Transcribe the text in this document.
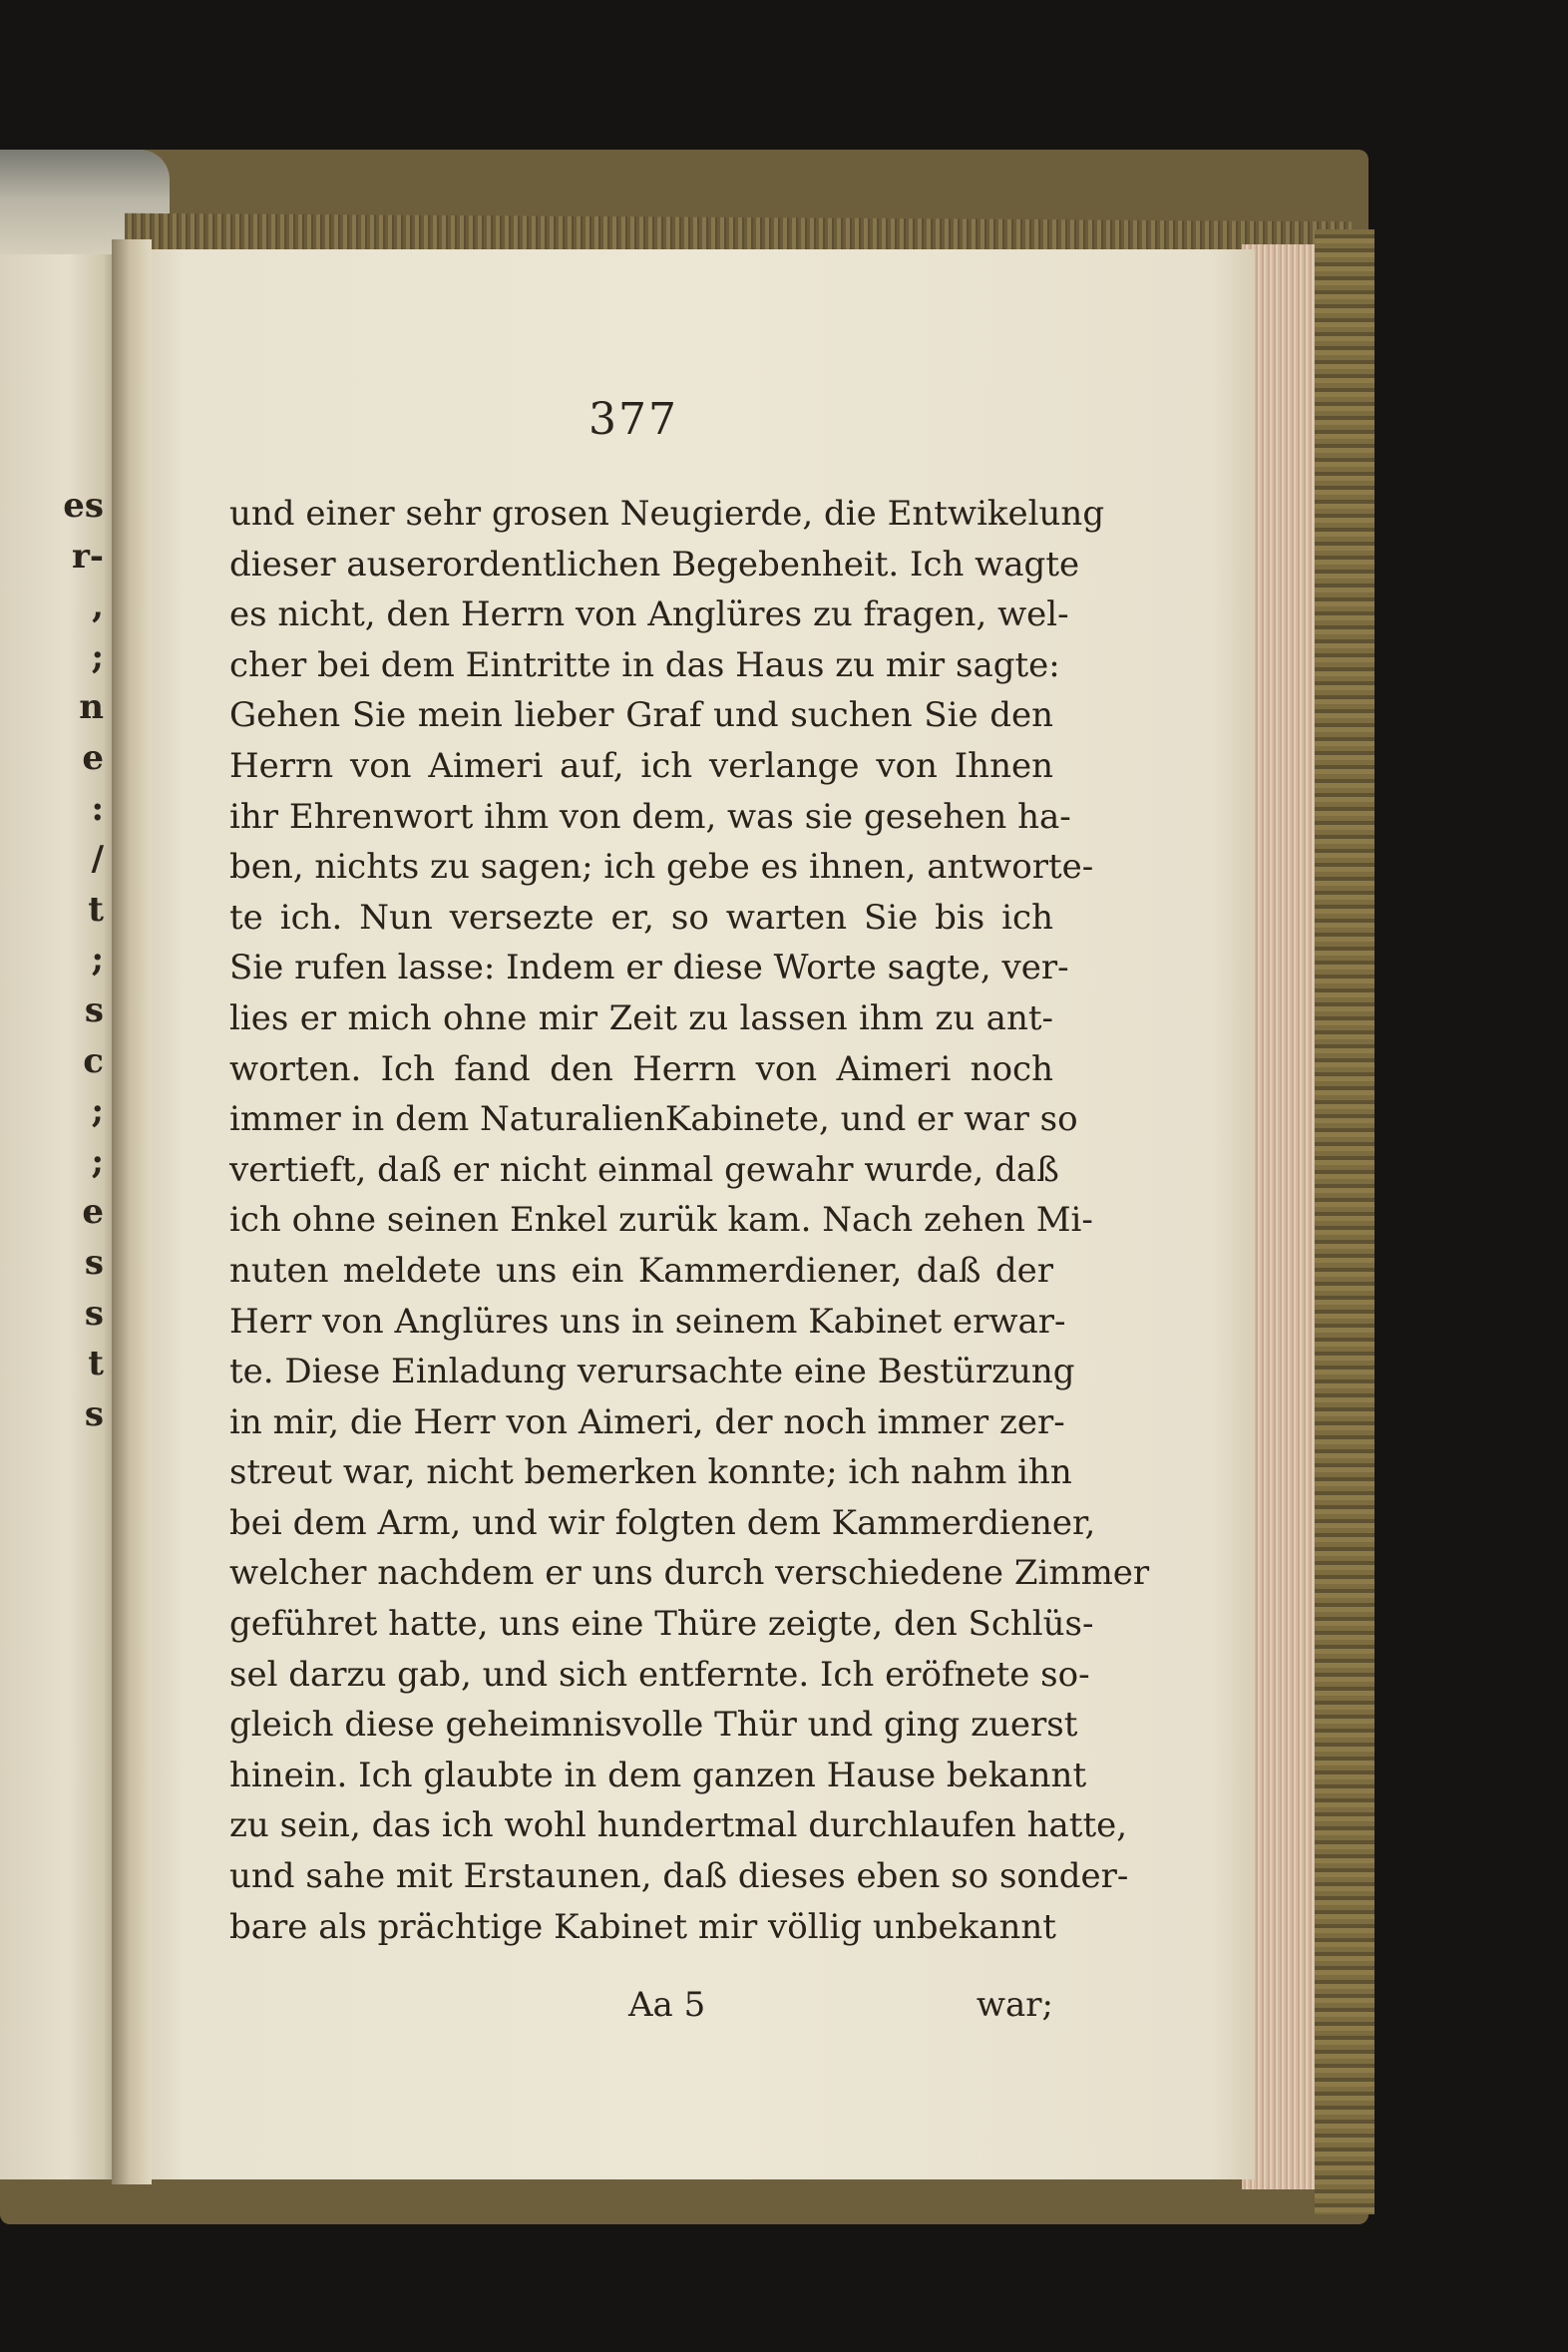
es
r-
,
;
n
e
:
/
t
;
s
c
;
;
e
s
s
t
s
377
und einer sehr grosen Neugierde, die Entwikelung
dieser auserordentlichen Begebenheit. Ich wagte
es nicht, den Herrn von Anglüres zu fragen, wel-
cher bei dem Eintritte in das Haus zu mir sagte:
Gehen Sie mein lieber Graf und suchen Sie den
Herrn von Aimeri auf, ich verlange von Ihnen
ihr Ehrenwort ihm von dem, was sie gesehen ha-
ben, nichts zu sagen; ich gebe es ihnen, antworte-
te ich. Nun versezte er, so warten Sie bis ich
Sie rufen lasse: Indem er diese Worte sagte, ver-
lies er mich ohne mir Zeit zu lassen ihm zu ant-
worten. Ich fand den Herrn von Aimeri noch
immer in dem NaturalienKabinete, und er war so
vertieft, daß er nicht einmal gewahr wurde, daß
ich ohne seinen Enkel zurük kam. Nach zehen Mi-
nuten meldete uns ein Kammerdiener, daß der
Herr von Anglüres uns in seinem Kabinet erwar-
te. Diese Einladung verursachte eine Bestürzung
in mir, die Herr von Aimeri, der noch immer zer-
streut war, nicht bemerken konnte; ich nahm ihn
bei dem Arm, und wir folgten dem Kammerdiener,
welcher nachdem er uns durch verschiedene Zimmer
geführet hatte, uns eine Thüre zeigte, den Schlüs-
sel darzu gab, und sich entfernte. Ich eröfnete so-
gleich diese geheimnisvolle Thür und ging zuerst
hinein. Ich glaubte in dem ganzen Hause bekannt
zu sein, das ich wohl hundertmal durchlaufen hatte,
und sahe mit Erstaunen, daß dieses eben so sonder-
bare als prächtige Kabinet mir völlig unbekannt
Aa 5	war;
